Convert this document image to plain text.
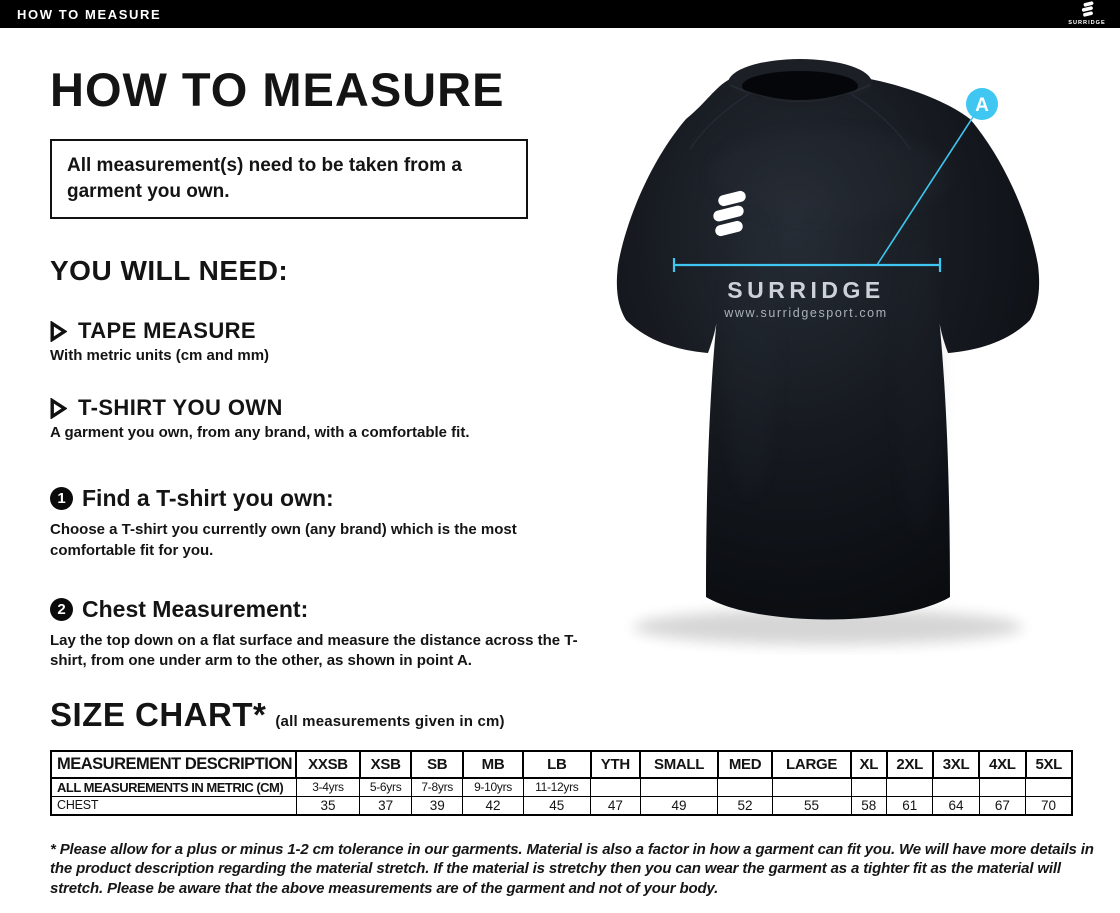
HOW TO MEASURE
SURRIDGE
HOW TO MEASURE

All measurement(s) need to be taken from a garment you own.

YOU WILL NEED:
TAPE MEASURE
With metric units (cm and mm)
T-SHIRT YOU OWN
A garment you own, from any brand, with a comfortable fit.
1 Find a T-shirt you own:
Choose a T-shirt you currently own (any brand) which is the most comfortable fit for you.
2 Chest Measurement:
Lay the top down on a flat surface and measure the distance across the T-shirt, from one under arm to the other, as shown in point A.
SIZE CHART* (all measurements given in cm)
MEASUREMENT DESCRIPTION	XXSB	XSB	SB	MB	LB	YTH	SMALL	MED	LARGE	XL	2XL	3XL	4XL	5XL
ALL MEASUREMENTS IN METRIC (CM)	3-4yrs	5-6yrs	7-8yrs	9-10yrs	11-12yrs									
CHEST	35	37	39	42	45	47	49	52	55	58	61	64	67	70

* Please allow for a plus or minus 1-2 cm tolerance in our garments. Material is also a factor in how a garment can fit you. We will have more details in the product description regarding the material stretch. If the material is stretchy then you can wear the garment as a tighter fit as the material will stretch. Please be aware that the above measurements are of the garment and not of your body.

SURRIDGE
www.surridgesport.com
A
